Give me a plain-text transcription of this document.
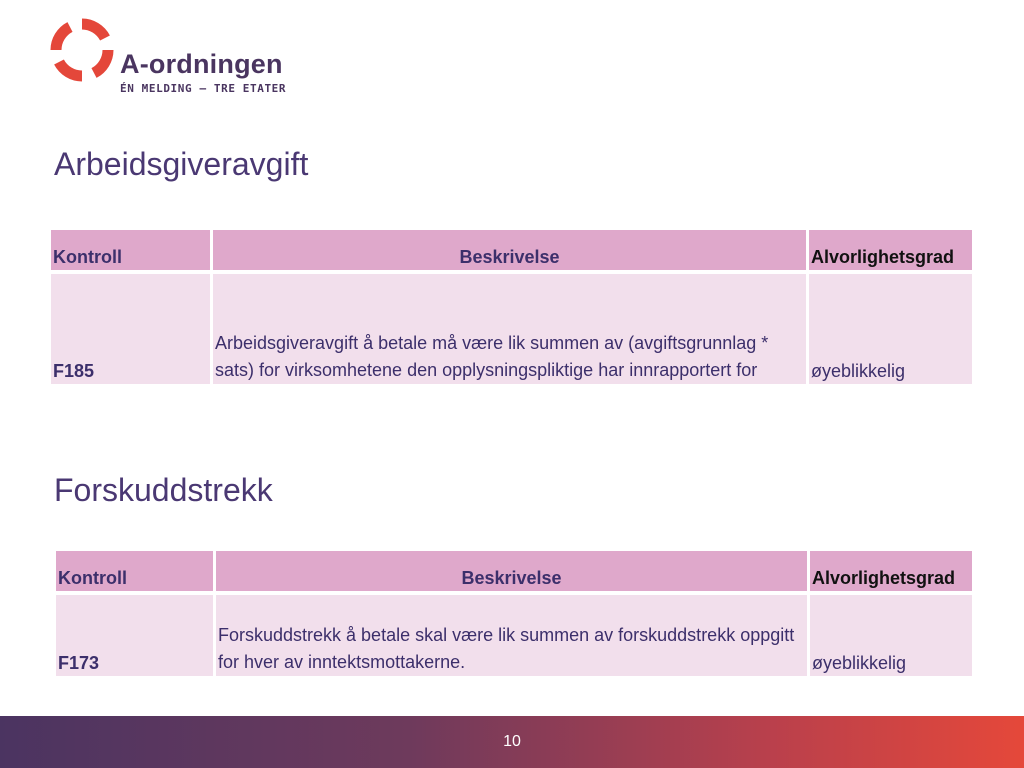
A-ordningen
ÉN MELDING – TRE ETATER
Arbeidsgiveravgift
Kontroll	Beskrivelse	Alvorlighetsgrad
F185	Arbeidsgiveravgift å betale må være lik summen av (avgiftsgrunnlag * sats) for virksomhetene den opplysningspliktige har innrapportert for	øyeblikkelig
Forskuddstrekk
Kontroll	Beskrivelse	Alvorlighetsgrad
F173	Forskuddstrekk å betale skal være lik summen av forskuddstrekk oppgitt for hver av inntektsmottakerne.	øyeblikkelig
10
